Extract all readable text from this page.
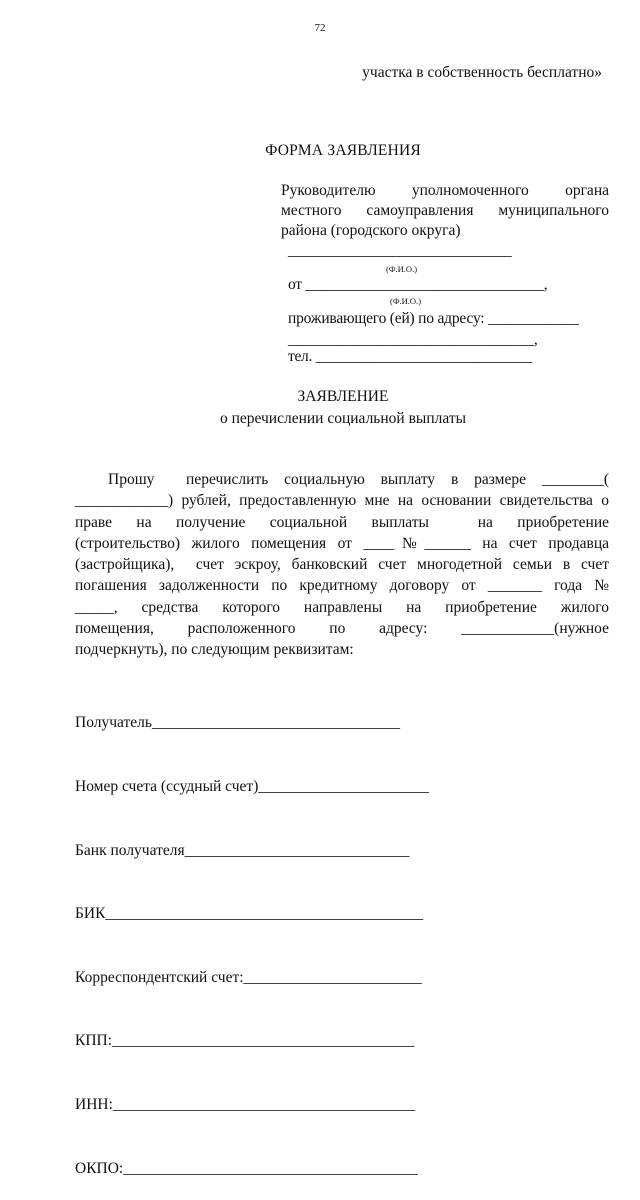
72
участка в собственность бесплатно»
ФОРМА ЗАЯВЛЕНИЯ
Руководителю уполномоченного органа
местного самоуправления муниципального
района (городского округа)
______________________________
(Ф.И.О.)
от ________________________________,
(Ф.И.О.)
проживающего (ей) по адресу: ____________
_________________________________,
тел. _____________________________
ЗАЯВЛЕНИЕ
о перечислении социальной выплаты
Прошу  перечислить социальную выплату в размере ________(
____________) рублей, предоставленную мне на основании свидетельства о
праве на получение социальной выплаты  на приобретение
(строительство) жилого помещения от ____№______ на счет продавца
(застройщика),  счет эскроу, банковский счет многодетной семьи в счет
погашения задолженности по кредитному договору от _______ года №
_____, средства которого направлены на приобретение жилого
помещения, расположенного по адресу: ____________(нужное
подчеркнуть), по следующим реквизитам:

Получатель________________________________

Номер счета (ссудный счет)______________________

Банк получателя_____________________________

БИК_________________________________________

Корреспондентский счет:_______________________

КПП:_______________________________________

ИНН:_______________________________________

ОКПО:______________________________________
